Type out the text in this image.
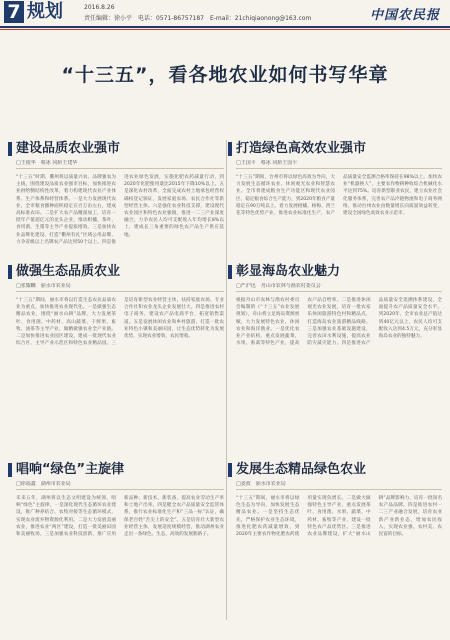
7 规划	2016.8.26
责任编辑：徐小平　电话：0571-86757187　E-mail：21chiqiaonong@163.com	中国农民报
“十三五”，看各地农业如何书写华章
建设品质农业强市
□王俊华　蔡冰 同龄王建华
“十三五”时期，衢州将以质量兴农、品牌强农为主线，围绕建设品质农业强市目标，加快推进农业供给侧结构性改革，着力构建现代农业产业体系、生产体系和经营体系。一是大力发展现代农业，全市粮食播种面积稳定在百万亩左右，建成高标准农田。二是扩大农产品精深加工，培育一批年产值超亿元的龙头企业，推动柑橘、茶叶、食用菌、生猪等主导产业提质增效。三是加快农业品牌化建设，打造“衢州有礼”区域公用品牌，力争省级以上名牌农产品达到50个以上。四是推进农业绿色发展，实施化肥农药减量行动，到2020年化肥使用量比2015年下降10%以上。五是深化农村改革，全面完成农村土地承包经营权确权登记颁证，发展家庭农场、农民合作社等新型经营主体。六是强化农业科技支撑，建设现代农业园区和特色农业强镇，推进一二三产业深度融合，力争农民人均可支配收入年均增长8%以上，建成长三角重要的绿色农产品生产供应基地。
打造绿色高效农业强市
□王国平　蔡冰 同龄王国平
“十三五”期间，台州市将以绿色高效为导向，大力发展生态循环农业、休闲观光农业和智慧农业。全市将建成粮食生产功能区和现代农业园区，稳定粮食综合生产能力，到2020年粮食产量稳定在90万吨以上。着力发展柑橘、杨梅、西兰花等特色优势产业，推进农业标准化生产，农产品质量安全监测合格率保持在98%以上。加快农业“机器换人”，主要农作物耕种收综合机械化水平达到75%。培育新型职业农民，建立农业社会化服务体系，完善农产品冷链物流和电子商务网络，推动台州农业由数量增长向质量效益转变，建设全国绿色高效农业示范市。
做强生态品质农业
□张耀麟　丽水市农业局
“十三五”期间，丽水市将以打造生态农业品质农业为重点，加快推进农业现代化。一是做强生态精品农业，围绕“丽水山耕”品牌，大力发展茶叶、食用菌、中药材、高山蔬菜、干鲜果、畜牧、油茶等主导产业，做精做强农业全产业链。二是加快推进农业园区建设，建成一批现代农业综合区、主导产业示范区和特色农业精品园。三是培育新型农业经营主体，扶持家庭农场、专业合作社和农业龙头企业发展壮大。四是推进农村电子商务，建设农产品电商平台，拓宽销售渠道。五是发展休闲农业和乡村旅游，打造一批农业特色小镇和美丽田园，让生态优势转化为发展优势，实现农业增效、农民增收。
彰显海岛农业魅力
□严沪迅　舟山市农林与渔农村委员会
根据舟山市农林与渔农村委员会编制的《“十三五”农业发展规划》，舟山将立足海岛资源禀赋，大力发展特色农业、休闲农业和海洋渔业。一是优化农业产业结构，重点发展蔬菜、水果、畜禽等特色产业，提高农产品自给率。二是推进休闲观光农业发展，培育一批农家乐休闲旅游特色村和精品点，打造海岛农业旅游精品线路。三是加强农业基础设施建设，完善农田水利设施，提高农业防灾减灾能力。四是推进农产品质量安全追溯体系建设，全面提升农产品质量安全水平。到2020年，全市农业总产值达到40亿元以上，农民人均可支配收入达到4.5万元，充分彰显海岛农业的独特魅力。
唱响“绿色”主旋律
□徐福鑫　湖州市农业局
未来五年，湖州将以生态文明建设为统领，唱响“绿色”主旋律。一是深化现代生态循环农业建设，推广种养结合、农牧对接等生态循环模式，实现农业废弃物资源化利用。二是大力发展美丽农业，推进农业“两区”建设，打造一批美丽田园和美丽牧场。三是加强农业科技创新，推广应用新品种、新技术、新装备，提高农业劳动生产率和土地产出率。四是健全农产品质量安全监管体系，推行农业标准化生产和“三品一标”认证，确保老百姓“舌尖上的安全”。五是培育壮大新型农业经营主体，发展适度规模经营，推动湖州农业走出一条绿色、生态、高效的发展新路子。
发展生态精品绿色农业
□姜波　丽水市农业局
“十三五”期间，丽水市将以绿色生态为导向，加快发展生态精品农业。一是坚持生态优先，严格保护农业生态环境，推进化肥农药减量增效，到2020年主要农作物化肥农药使用量实现负增长。二是做大做强特色主导产业，重点发展茶叶、食用菌、水果、蔬菜、中药材、畜牧等产业，建设一批特色农产品优势区。三是推进农业品牌建设，扩大“丽水山耕”品牌影响力，培育一批知名农产品品牌。四是推进农村一二三产业融合发展，培育农业新产业新业态，增加农民收入，实现农业强、农村美、农民富的目标。
